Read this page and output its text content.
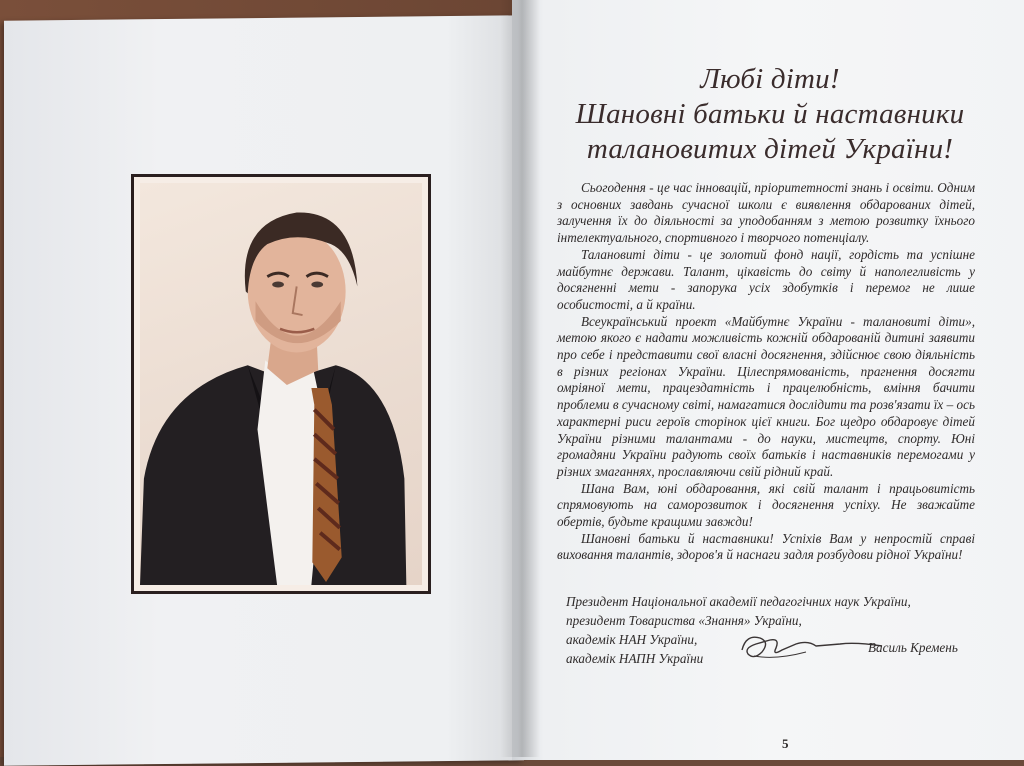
Любі діти!
Шановні батьки й наставники
талановитих дітей України!

Сьогодення - це час інновацій, пріоритетності знань і освіти. Одним з основних завдань сучасної школи є виявлення обдарованих дітей, залучення їх до діяльності за уподобанням з метою розвитку їхнього інтелектуального, спортивного і творчого потенціалу.

Талановиті діти - це золотий фонд нації, гордість та успішне майбутнє держави. Талант, цікавість до світу й наполегливість у досягненні мети - запорука усіх здобутків і перемог не лише особистості, а й країни.

Всеукраїнський проект «Майбутнє України - талановиті діти», метою якого є надати можливість кожній обдарованій дитині заявити про себе і представити свої власні досягнення, здійснює свою діяльність в різних регіонах України. Цілеспрямованість, прагнення досягти омріяної мети, працездатність і працелюбність, вміння бачити проблеми в сучасному світі, намагатися дослідити та розв'язати їх – ось характерні риси героїв сторінок цієї книги. Бог щедро обдаровує дітей України різними талантами - до науки, мистецтв, спорту. Юні громадяни України радують своїх батьків і наставників перемогами у різних змаганнях, прославляючи свій рідний край.

Шана Вам, юні обдаровання, які свій талант і працьовитість спрямовують на саморозвиток і досягнення успіху. Не зважайте обертів, будьте кращими завжди!

Шановні батьки й наставники! Успіхів Вам у непростій справі виховання талантів, здоров'я й наснаги задля розбудови рідної України!

Президент Національної академії педагогічних наук України,
президент Товариства «Знання» України,
академік НАН України,
академік НАПН України
Василь Кремень
5
